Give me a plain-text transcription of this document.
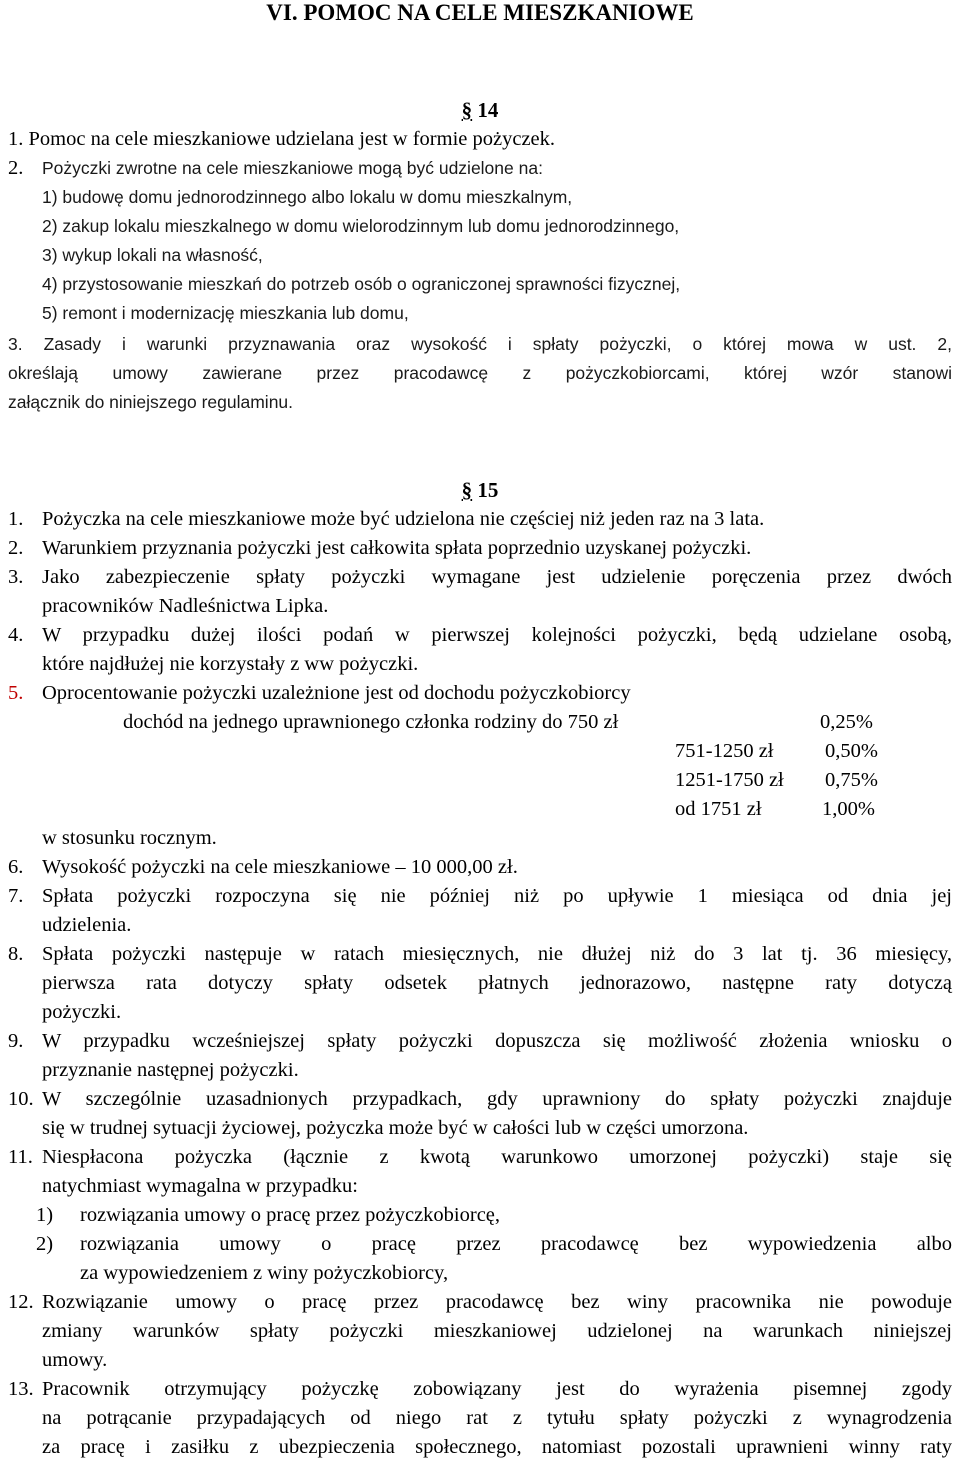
VI. POMOC NA CELE MIESZKANIOWE
§ 14
1. Pomoc na cele mieszkaniowe udzielana jest w formie pożyczek.
2. Pożyczki zwrotne na cele mieszkaniowe mogą być udzielone na:
1) budowę domu jednorodzinnego albo lokalu w domu mieszkalnym,
2) zakup lokalu mieszkalnego w domu wielorodzinnym lub domu jednorodzinnego,
3) wykup lokali na własność,
4) przystosowanie mieszkań do potrzeb osób o ograniczonej sprawności fizycznej,
5) remont i modernizację mieszkania lub domu,
3. Zasady i warunki przyznawania oraz wysokość i spłaty pożyczki, o której mowa w ust. 2,
określają umowy zawierane przez pracodawcę z pożyczkobiorcami, której wzór stanowi
załącznik do niniejszego regulaminu.
§ 15
1. Pożyczka na cele mieszkaniowe może być udzielona nie częściej niż jeden raz na 3 lata.
2. Warunkiem przyznania pożyczki jest całkowita spłata poprzednio uzyskanej pożyczki.
3. Jako zabezpieczenie spłaty pożyczki wymagane jest udzielenie poręczenia przez dwóch
pracowników Nadleśnictwa Lipka.
4. W przypadku dużej ilości podań w pierwszej kolejności pożyczki, będą udzielane osobą,
które najdłużej nie korzystały z ww pożyczki.
5. Oprocentowanie pożyczki uzależnione jest od dochodu pożyczkobiorcy
dochód na jednego uprawnionego członka rodziny do 750 zł	0,25%
751-1250 zł	0,50%
1251-1750 zł 0,75%
od 1751 zł	1,00%
w stosunku rocznym.
6. Wysokość pożyczki na cele mieszkaniowe – 10 000,00 zł.
7. Spłata pożyczki rozpoczyna się nie później niż po upływie 1 miesiąca od dnia jej
udzielenia.
8. Spłata pożyczki następuje w ratach miesięcznych, nie dłużej niż do 3 lat tj. 36 miesięcy,
pierwsza rata dotyczy spłaty odsetek płatnych jednorazowo, następne raty dotyczą
pożyczki.
9. W przypadku wcześniejszej spłaty pożyczki dopuszcza się możliwość złożenia wniosku o
przyznanie następnej pożyczki.
10. W szczególnie uzasadnionych przypadkach, gdy uprawniony do spłaty pożyczki znajduje
się w trudnej sytuacji życiowej, pożyczka może być w całości lub w części umorzona.
11. Niespłacona pożyczka (łącznie z kwotą warunkowo umorzonej pożyczki) staje się
natychmiast wymagalna w przypadku:
1) rozwiązania umowy o pracę przez pożyczkobiorcę,
2) rozwiązania umowy o pracę przez pracodawcę bez wypowiedzenia albo
za wypowiedzeniem z winy pożyczkobiorcy,
12. Rozwiązanie umowy o pracę przez pracodawcę bez winy pracownika nie powoduje
zmiany warunków spłaty pożyczki mieszkaniowej udzielonej na warunkach niniejszej
umowy.
13. Pracownik otrzymujący pożyczkę zobowiązany jest do wyrażenia pisemnej zgody
na potrącanie przypadających od niego rat z tytułu spłaty pożyczki z wynagrodzenia
za pracę i zasiłku z ubezpieczenia społecznego, natomiast pozostali uprawnieni winny raty
